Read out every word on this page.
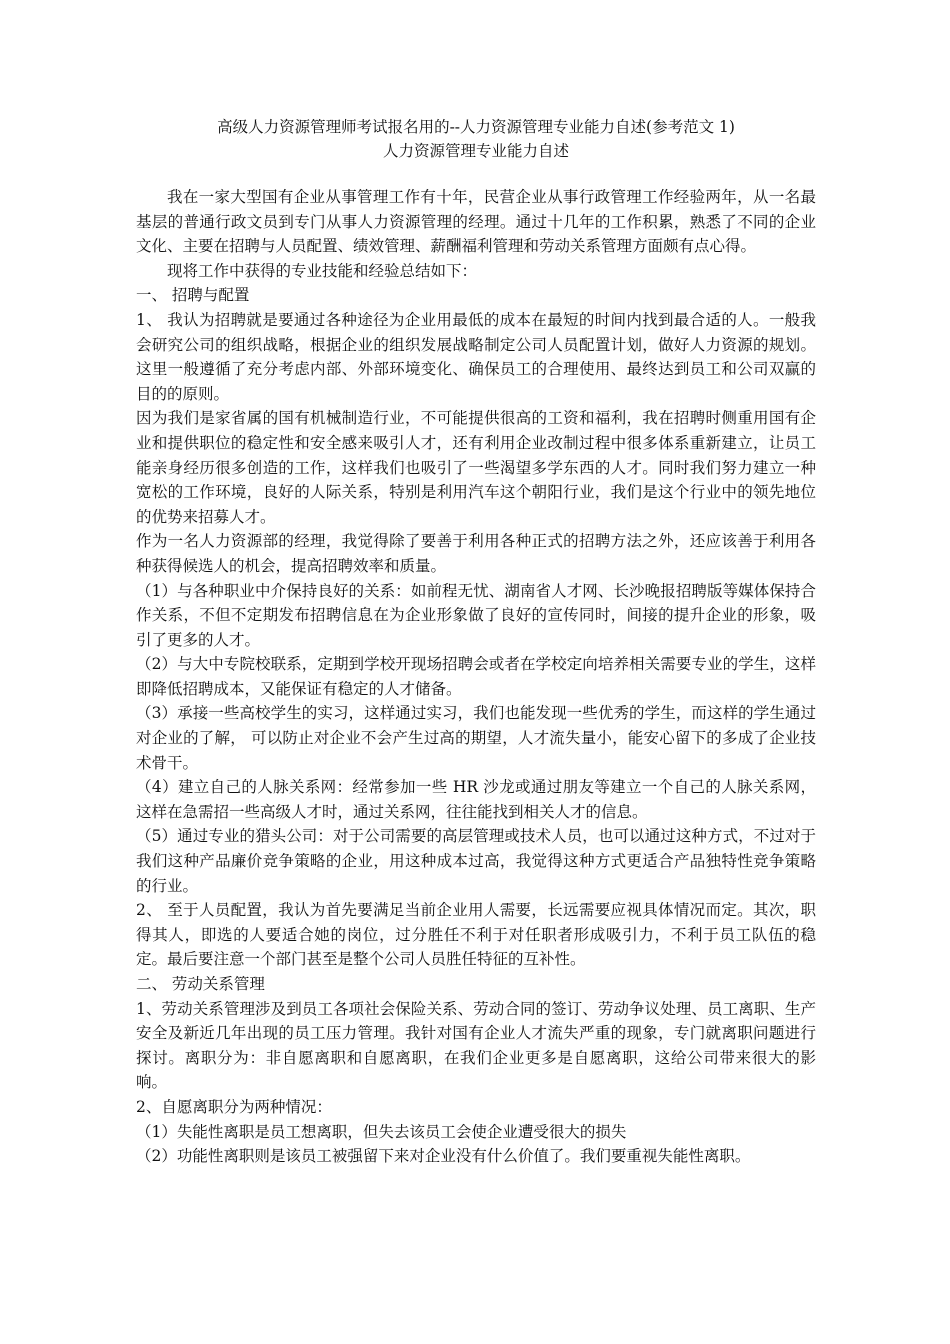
高级人力资源管理师考试报名用的--人力资源管理专业能力自述(参考范文 1)

人力资源管理专业能力自述

我在一家大型国有企业从事管理工作有十年，民营企业从事行政管理工作经验两年，从一名最基层的普通行政文员到专门从事人力资源管理的经理。通过十几年的工作积累，熟悉了不同的企业文化、主要在招聘与人员配置、绩效管理、薪酬福利管理和劳动关系管理方面颇有点心得。

现将工作中获得的专业技能和经验总结如下：

一、 招聘与配置

1、 我认为招聘就是要通过各种途径为企业用最低的成本在最短的时间内找到最合适的人。一般我会研究公司的组织战略，根据企业的组织发展战略制定公司人员配置计划，做好人力资源的规划。这里一般遵循了充分考虑内部、外部环境变化、确保员工的合理使用、最终达到员工和公司双赢的目的的原则。

因为我们是家省属的国有机械制造行业，不可能提供很高的工资和福利，我在招聘时侧重用国有企业和提供职位的稳定性和安全感来吸引人才，还有利用企业改制过程中很多体系重新建立，让员工能亲身经历很多创造的工作，这样我们也吸引了一些渴望多学东西的人才。同时我们努力建立一种宽松的工作环境，良好的人际关系，特别是利用汽车这个朝阳行业，我们是这个行业中的领先地位的优势来招募人才。

作为一名人力资源部的经理，我觉得除了要善于利用各种正式的招聘方法之外，还应该善于利用各种获得候选人的机会，提高招聘效率和质量。

（1）与各种职业中介保持良好的关系：如前程无忧、湖南省人才网、长沙晚报招聘版等媒体保持合作关系，不但不定期发布招聘信息在为企业形象做了良好的宣传同时，间接的提升企业的形象，吸引了更多的人才。

（2）与大中专院校联系，定期到学校开现场招聘会或者在学校定向培养相关需要专业的学生，这样即降低招聘成本，又能保证有稳定的人才储备。

（3）承接一些高校学生的实习，这样通过实习，我们也能发现一些优秀的学生，而这样的学生通过对企业的了解， 可以防止对企业不会产生过高的期望，人才流失量小，能安心留下的多成了企业技术骨干。

（4）建立自己的人脉关系网：经常参加一些 HR 沙龙或通过朋友等建立一个自己的人脉关系网，这样在急需招一些高级人才时，通过关系网，往往能找到相关人才的信息。

（5）通过专业的猎头公司：对于公司需要的高层管理或技术人员，也可以通过这种方式，不过对于我们这种产品廉价竞争策略的企业，用这种成本过高，我觉得这种方式更适合产品独特性竞争策略的行业。

2、 至于人员配置，我认为首先要满足当前企业用人需要，长远需要应视具体情况而定。其次，职得其人，即选的人要适合她的岗位，过分胜任不利于对任职者形成吸引力，不利于员工队伍的稳定。最后要注意一个部门甚至是整个公司人员胜任特征的互补性。

二、 劳动关系管理

1、劳动关系管理涉及到员工各项社会保险关系、劳动合同的签订、劳动争议处理、员工离职、生产安全及新近几年出现的员工压力管理。我针对国有企业人才流失严重的现象，专门就离职问题进行探讨。离职分为：非自愿离职和自愿离职，在我们企业更多是自愿离职，这给公司带来很大的影响。

2、自愿离职分为两种情况：

（1）失能性离职是员工想离职，但失去该员工会使企业遭受很大的损失

（2）功能性离职则是该员工被强留下来对企业没有什么价值了。我们要重视失能性离职。
